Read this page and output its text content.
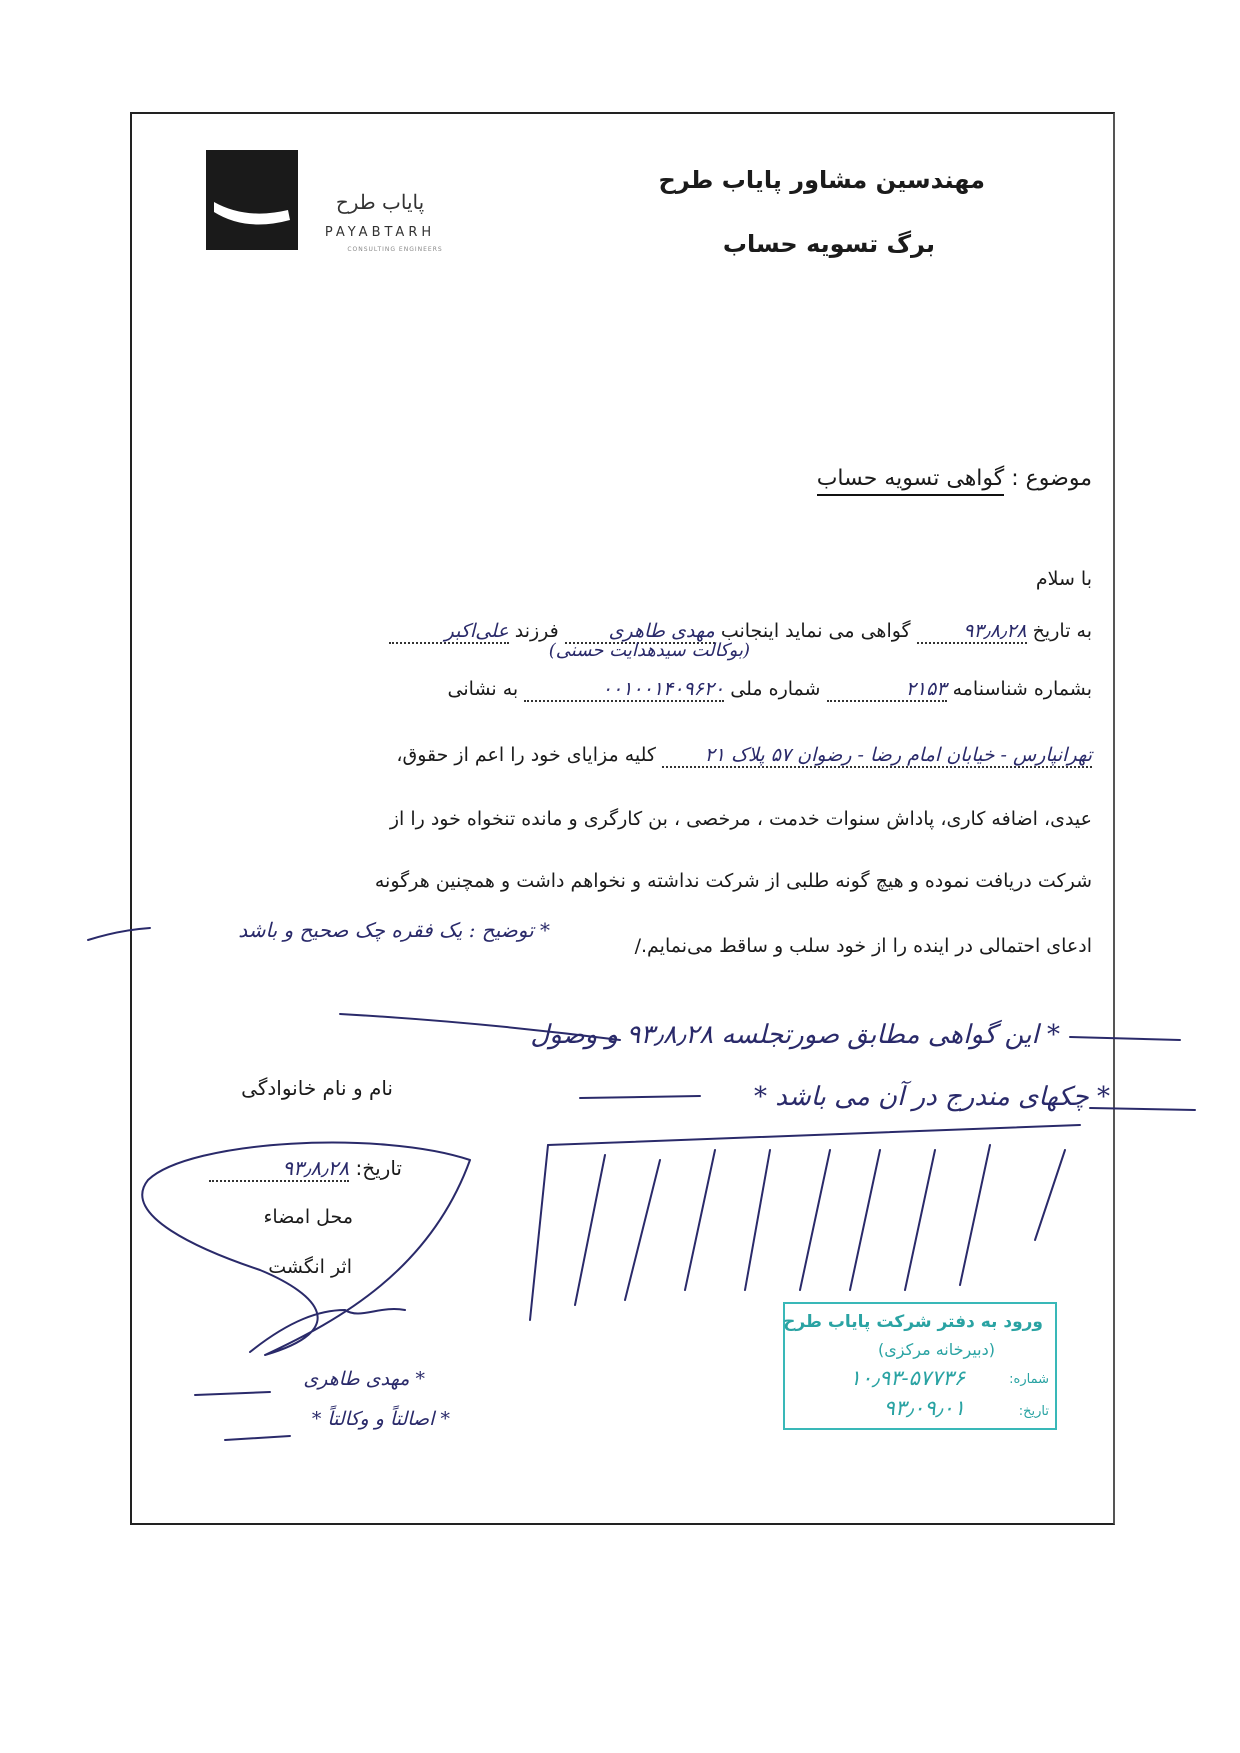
پایاب طرح
PAYABTARH
CONSULTING ENGINEERS
مهندسین مشاور پایاب طرح
برگ تسویه حساب
موضوع : گواهی تسویه حساب
با سلام
به تاریخ ۹۳٫۸٫۲۸ گواهی می نماید اینجانب مهدی طاهری فرزند علی‌اکبر
(بوکالت سیدهدایت حسنی)
بشماره شناسنامه ۲۱۵۳ شماره ملی ۰۰۱۰۰۱۴۰۹۶۲۰ به نشانی
تهرانپارس - خیابان امام رضا - رضوان ۵۷ پلاک ۲۱ کلیه مزایای خود را اعم از حقوق،
عیدی، اضافه کاری، پاداش سنوات خدمت ، مرخصی ، بن کارگری و مانده تنخواه خود را از
شرکت دریافت نموده و هیچ گونه طلبی از شرکت نداشته و نخواهم داشت و همچنین هرگونه
ادعای احتمالی در اینده را از خود سلب و ساقط می‌نمایم./
* توضیح : یک فقره چک صحیح و باشد
* این گواهی مطابق صورتجلسه ۹۳٫۸٫۲۸ و وصول
* چکهای مندرج در آن می باشد *
نام و نام خانوادگی
تاریخ: ۹۳٫۸٫۲۸
محل امضاء
اثر انگشت
* مهدی طاهری
* اصالتاً و وکالتاً *
ورود به دفتر شرکت پایاب طرح
(دبیرخانه مرکزی)
شماره:
۱۰٫۹۳-۵۷۷۳۶
تاریخ:
۹۳٫۰۹٫۰۱
